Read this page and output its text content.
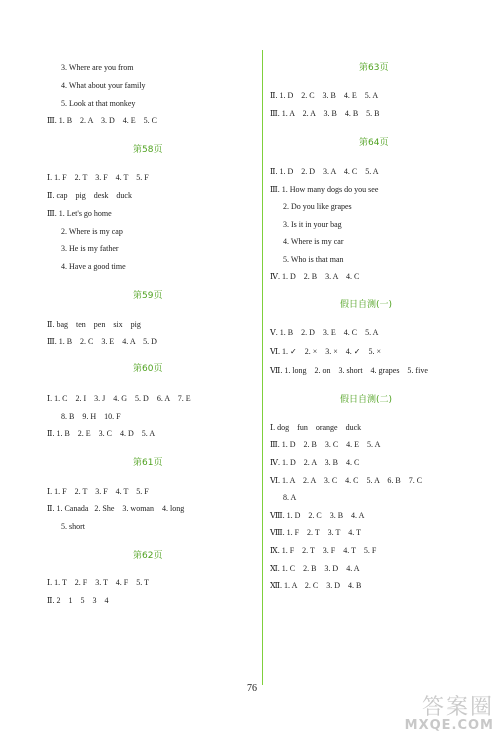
3. Where are you from
4. What about your family
5. Look at that monkey
Ⅲ. 1. B    2. A    3. D    4. E    5. C
第58页
Ⅰ. 1. F    2. T    3. F    4. T    5. F
Ⅱ. cap    pig    desk    duck
Ⅲ. 1. Let's go home
2. Where is my cap
3. He is my father
4. Have a good time
第59页
Ⅱ. bag    ten    pen    six    pig
Ⅲ. 1. B    2. C    3. E    4. A    5. D
第60页
Ⅰ. 1. C    2. I    3. J    4. G    5. D    6. A    7. E
8. B    9. H    10. F
Ⅱ. 1. B    2. E    3. C    4. D    5. A
第61页
Ⅰ. 1. F    2. T    3. F    4. T    5. F
Ⅱ. 1. Canada   2. She    3. woman    4. long
5. short
第62页
Ⅰ. 1. T    2. F    3. T    4. F    5. T
Ⅱ. 2    1    5    3    4
第63页
Ⅱ. 1. D    2. C    3. B    4. E    5. A
Ⅲ. 1. A    2. A    3. B    4. B    5. B
第64页
Ⅱ. 1. D    2. D    3. A    4. C    5. A
Ⅲ. 1. How many dogs do you see
2. Do you like grapes
3. Is it in your bag
4. Where is my car
5. Who is that man
Ⅳ. 1. D    2. B    3. A    4. C
假日自测(一)
Ⅴ. 1. B    2. D    3. E    4. C    5. A
Ⅵ. 1. ✓    2. ×    3. ×    4. ✓    5. ×
Ⅶ. 1. long    2. on    3. short    4. grapes    5. five
假日自测(二)
Ⅰ. dog    fun    orange    duck
Ⅲ. 1. D    2. B    3. C    4. E    5. A
Ⅳ. 1. D    2. A    3. B    4. C
Ⅵ. 1. A    2. A    3. C    4. C    5. A    6. B    7. C
8. A
Ⅷ. 1. D    2. C    3. B    4. A
Ⅷ. 1. F    2. T    3. T    4. T
Ⅸ. 1. F    2. T    3. F    4. T    5. F
Ⅺ. 1. C    2. B    3. D    4. A
Ⅻ. 1. A    2. C    3. D    4. B
76
答案圈
MXQE.COM
